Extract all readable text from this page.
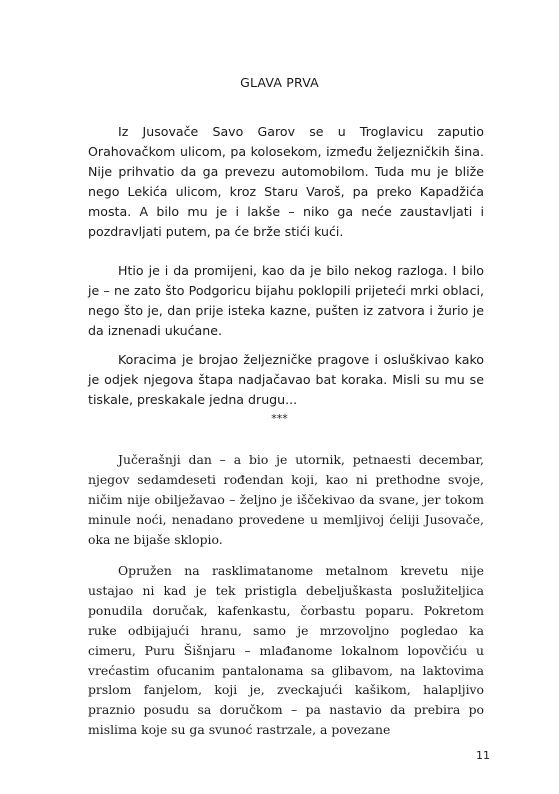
GLAVA PRVA

Iz Jusovače Savo Garov se u Troglavicu zaputio Orahovačkom ulicom, pa kolosekom, između željezničkih šina. Nije prihvatio da ga prevezu automobilom. Tuda mu je bliže nego Lekića ulicom, kroz Staru Varoš, pa preko Kapadžića mosta. A bilo mu je i lakše – niko ga neće zaustavljati i pozdravljati putem, pa će brže stići kući.

Htio je i da promijeni, kao da je bilo nekog razloga. I bilo je – ne zato što Podgoricu bijahu poklopili prijeteći mrki oblaci, nego što je, dan prije isteka kazne, pušten iz zatvora i žurio je da iznenadi ukućane.

Koracima je brojao željezničke pragove i osluškivao kako je odjek njegova štapa nadjačavao bat koraka. Misli su mu se tiskale, preskakale jedna drugu...

***

Jučerašnji dan – a bio je utornik, petnaesti decembar, njegov sedamdeseti rođendan koji, kao ni prethodne svoje, ničim nije obilježavao – željno je iščekivao da svane, jer tokom minule noći, nenadano provedene u memljivoj ćeliji Jusovače, oka ne bijaše sklopio.

Opružen na rasklimatanome metalnom krevetu nije ustajao ni kad je tek pristigla debeljuškasta poslužiteljica ponudila doručak, kafenkastu, čorbastu poparu. Pokretom ruke odbijajući hranu, samo je mrzovoljno pogledao ka cimeru, Puru Šišnjaru – mlađanome lokalnom lopovčiću u vrećastim ofucanim pantalonama sa glibavom, na laktovima prslom fanjelom, koji je, zveckajući kašikom, halapljivo praznio posudu sa doručkom – pa nastavio da prebira po mislima koje su ga svunoć rastrzale, a povezane

11
